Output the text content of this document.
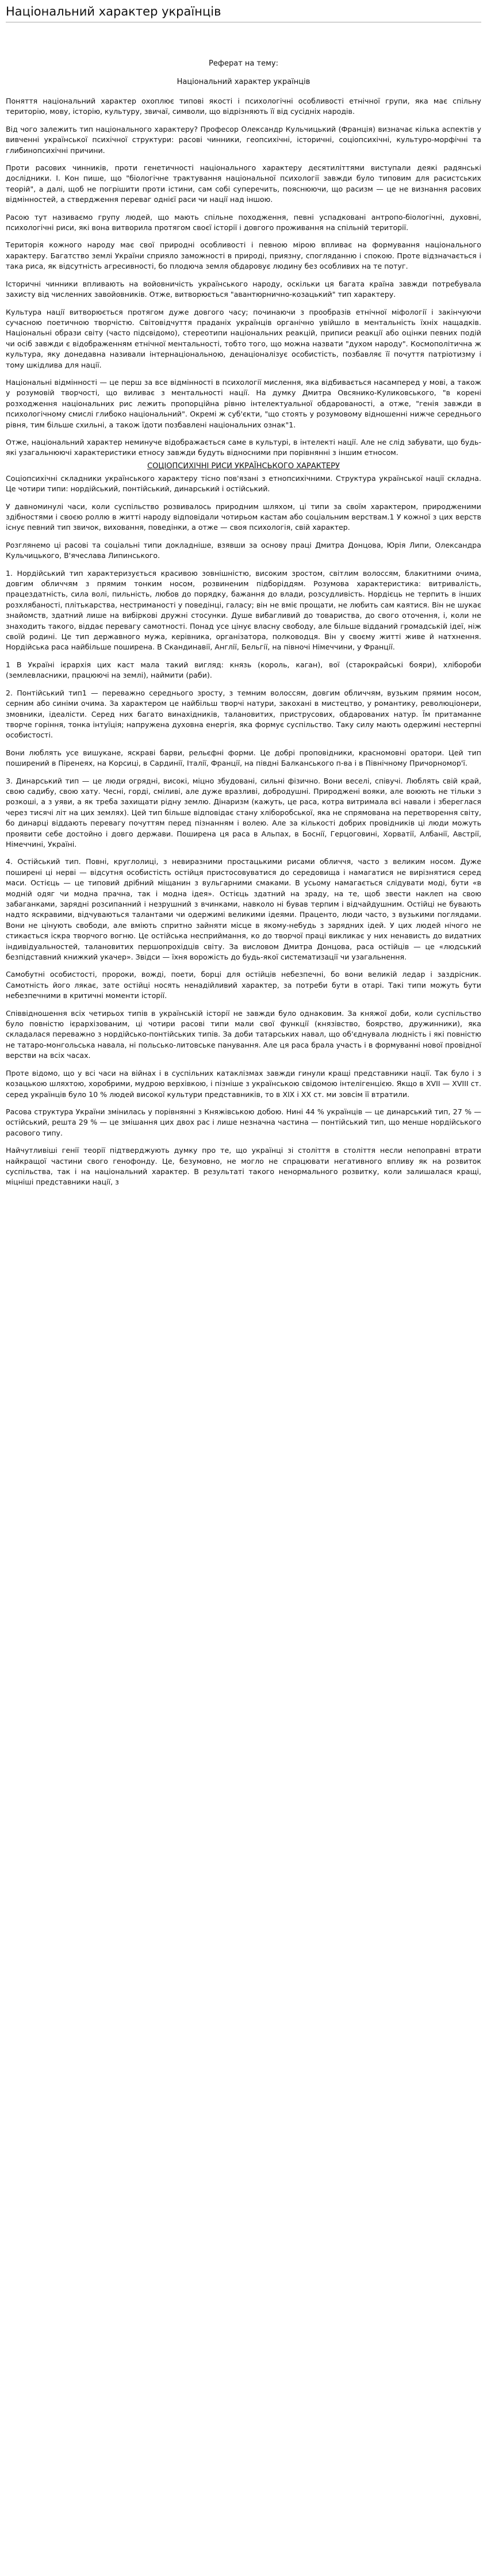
Національний характер українців

Реферат на тему:

Національний характер українців

Поняття національний характер охоплює типові якості і психологічні особливості етнічної групи, яка має спільну територію, мову, історію, культуру, звичаї, символи, що відрізняють її від сусідніх народів.

Від чого залежить тип національного характеру? Професор Олександр Кульчицький (Франція) визначає кілька аспектів у вивченні української психічної структури: расові чинники, геопсихічні, історичні, соціопсихічні, культуро-морфічні та глибинопсихічні причини.

Проти расових чинників, проти генетичності національного характеру десятиліттями виступали деякі радянські дослідники. І. Кон пише, що "біологічне трактування національної психології завжди було типовим для расистських теорій", а далі, щоб не погрішити проти істини, сам собі суперечить, пояснюючи, що расизм — це не визнання расових відмінностей, а ствердження переваг однієї раси чи нації над іншою.

Расою тут називаємо групу людей, що мають спільне походження, певні успадковані антропо-біологічні, духовні, психологічні риси, які вона витворила протягом своєї історії і довгого проживання на спільній території.

Територія кожного народу має свої природні особливості і певною мірою впливає на формування національного характеру. Багатство землі України сприяло заможності в природі, приязну, спогляданню і спокою. Проте відзначається і така риса, як відсутність агресивності, бо плодюча земля обдаровує людину без особливих на те потуг.

Історичні чинники впливають на войовничість українського народу, оскільки ця багата країна завжди потребувала захисту від численних завойовників. Отже, витворюється "авантюрнично-козацький" тип характеру.

Культура нації витворюється протягом дуже довгого часу; починаючи з прообразів етнічної міфології і закінчуючи сучасною поетичною творчістю. Світовідчуття праданіх українців органічно увійшло в ментальність їхніх нащадків. Національні образи світу (часто підсвідомо), стереотипи національних реакцій, приписи реакції або оцінки певних подій чи осіб завжди є відображенням етнічної ментальності, тобто того, що можна назвати "духом народу". Космополітична ж культура, яку донедавна називали інтернаціональною, денаціоналізує особистість, позбавляє її почуття патріотизму і тому шкідлива для нації.

Національні відмінності — це перш за все відмінності в психології мислення, яка відбивається насамперед у мові, а також у розумовій творчості, що виливає з ментальності нації. На думку Дмитра Овсянико-Куликовського, "в корені розходження національних рис лежить пропорційна рівню інтелектуальної обдарованості, а отже, "генія завжди в психологічному смислі глибоко національний". Окремі ж суб'єкти, "що стоять у розумовому відношенні нижче середнього рівня, тим більше схильні, а також їдоти позбавлені національних ознак"1.

Отже, національний характер неминуче відображається саме в культурі, в інтелекті нації. Але не слід забувати, що будь-які узагальнюючі характеристики етносу завжди будуть відносними при порівнянні з іншим етносом.

СОЦІОПСИХІЧНІ РИСИ УКРАЇНСЬКОГО ХАРАКТЕРУ

Соціопсихічні складники українського характеру тісно пов'язані з етнопсихічними. Структура української нації складна. Це чотири типи: нордійський, понтійський, динарський і остійський.

У давноминулі часи, коли суспільство розвивалось природним шляхом, ці типи за своїм характером, природженими здібностями і своєю роллю в житті народу відповідали чотирьом кастам або соціальним верствам.1 У кожної з цих верств існує певний тип звичок, виховання, поведінки, а отже — своя психологія, свій характер.

Розглянемо ці расові та соціальні типи докладніше, взявши за основу праці Дмитра Донцова, Юрія Липи, Олександра Кульчицького, В'ячеслава Липинського.

1. Нордійський тип характеризується красивою зовнішністю, високим зростом, світлим волоссям, блакитними очима, довгим обличчям з прямим тонким носом, розвиненим підборіддям. Розумова характеристика: витривалість, працездатність, сила волі, пильність, любов до порядку, бажання до влади, розсудливість. Нордієць не терпить в інших розхлябаності, плітькарства, нестриманості у поведінці, галасу; він не вміє прощати, не любить сам каятися. Він не шукає знайомств, здатний лише на вибіркові дружні стосунки. Душе вибагливий до товариства, до свого оточення, і, коли не знаходить такого, віддає перевагу самотності. Понад усе цінує власну свободу, але більше відданий громадській ідеї, ніж своїй родині. Це тип державного мужа, керівника, організатора, полководця. Він у своєму житті живе й натхнення. Нордійська раса найбільше поширена. В Скандинавії, Англії, Бельгії, на півночі Німеччини, у Франції.

1 В Україні ієрархія цих каст мала такий вигляд: князь (король, каган), вої (старокрайські бояри), хлібороби (землевласники, працюючі на землі), наймити (раби).

2. Понтійський тип1 — переважно середнього зросту, з темним волоссям, довгим обличчям, вузьким прямим носом, серним або синіми очима. За характером це найбільш творчі натури, закохані в мистецтво, у романтику, революціонери, змовники, ідеалісти. Серед них багато винахідників, талановитих, приструсових, обдарованих натур. Їм притаманне творче горіння, тонка інтуїція; напружена духовна енергія, яка формує суспільство. Таку силу мають одержимі нестерпні особистості.

Вони люблять усе вишукане, яскраві барви, рельєфні форми. Це добрі проповідники, красномовні оратори. Цей тип поширений в Піренеях, на Корсиці, в Сардинії, Італії, Франції, на півдні Балканського п-ва і в Північному Причорномор'ї.

3. Динарський тип — це люди огрядні, високі, міцно збудовані, сильні фізично. Вони веселі, співучі. Люблять свій край, свою садибу, свою хату. Чесні, горді, сміливі, але дуже вразливі, добродушні. Природжені вояки, але воюють не тільки з розкоші, а з уяви, а як треба захищати рідну землю. Дінаризм (кажуть, це раса, котра витримала всі навали і збереглася через тисячі літ на цих землях). Цей тип більше відповідає стану хліборобської, яка не спрямована на перетворення світу, бо динарці віддають перевагу почуттям перед пізнанням і волею. Але за кількості добрих провідників ці люди можуть проявити себе достойно і довго держави. Поширена ця раса в Альпах, в Боснії, Герцоговині, Хорватії, Албанії, Австрії, Німеччині, Україні.

4. Остійський тип. Повні, круглолиці, з невиразними простацькими рисами обличчя, часто з великим носом. Дуже поширені ці нерві — відсутня особистість остійця пристосовуватися до середовища і намагатися не вирізнятися серед маси. Остієць — це типовий дрібний міщанин з вульгарними смаками. В усьому намагається слідувати моді, бути «в модній одяг чи модна прачна, так і модна ідея». Остієць здатний на зраду, на те, щоб звести наклеп на свою забаганками, зарядні розсипанний і незрушний з вчинками, навколо ні бував терпим і відчайдушним. Остійці не бувають надто яскравими, відчуваються талантами чи одержимі великими ідеями. Праценто, люди часто, з вузькими поглядами. Вони не цінують свободи, але вміють спритно зайняти місце в якому-небудь з зарядних ідей. У цих людей нічого не стикається іскра творчого вогню. Це остійська несприймання, ко до творчої праці викликає у них ненависть до видатних індивідуальностей, талановитих першопрохідців світу. За висловом Дмитра Донцова, раса остійців — це «людський безпідставний книжкий укачер». Звідси — їхня ворожість до будь-якої систематизації чи узагальнення.

Самобутні особистості, пророки, вожді, поети, борці для остійців небезпечні, бо вони великій ледар і заздрісник. Самотність його лякає, зате остійці носять ненадійливий характер, за потреби бути в отарі. Такі типи можуть бути небезпечними в критичні моменти історії.

Співвідношення всіх четирьох типів в українській історії не завжди було однаковим. За княжої доби, коли суспільство було повністю ієрархізованим, ці чотири расові типи мали свої функції (князівство, боярство, дружинники), яка складалася переважно з нордійсько-понтійських типів. За доби татарських навал, що об'єднувала людність і які повністю не татаро-монгольська навала, ні польсько-литовське панування. Але ця раса брала участь і в формуванні нової провідної верстви на всіх часах.

Проте відомо, що у всі часи на війнах і в суспільних катаклізмах завжди гинули кращі представники нації. Так було і з козацькою шляхтою, хоробрими, мудрою верхівкою, і пізніше з українською свідомою інтелігенцією. Якщо в XVII — XVIII ст. серед українців було 10 % людей високої культури представників, то в XIX і XX ст. ми зовсім її втратили.

Расова структура України змінилась у порівнянні з Княжівською добою. Нині 44 % українців — це динарський тип, 27 % — остійський, решта 29 % — це змішання цих двох рас і лише незначна частина — понтійський тип, що менше нордійського расового типу.

Найчутливіші генії теорії підтверджують думку про те, що українці зі століття в століття несли непоправні втрати найкращої частини свого генофонду. Це, безумовно, не могло не спрацювати негативного впливу як на розвиток суспільства, так і на національний характер. В результаті такого ненормального розвитку, коли залишалася кращі, міцніші представники нації, з
